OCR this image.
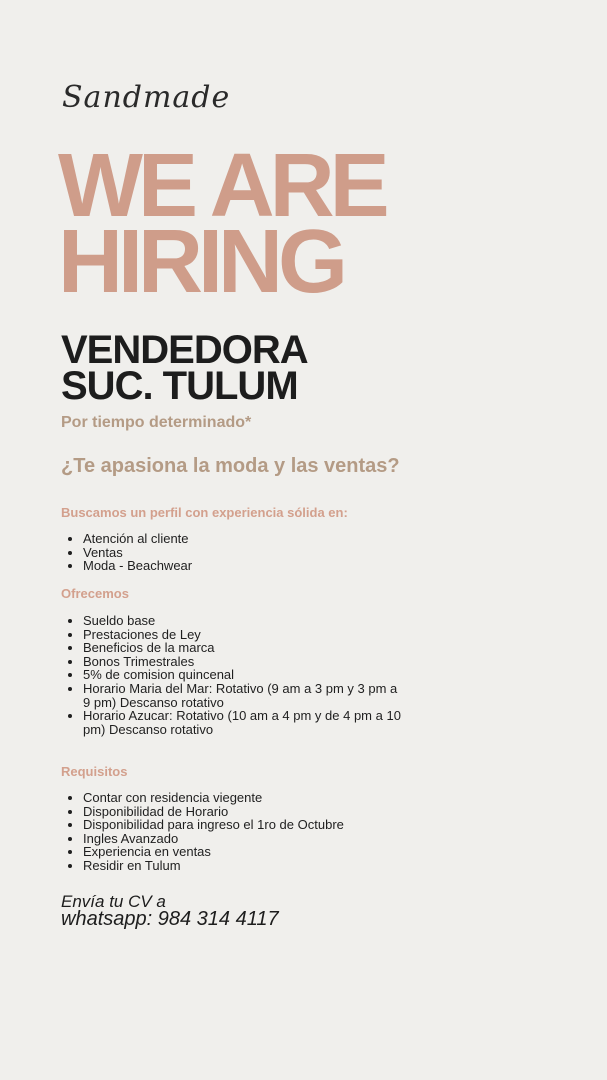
Sandmade
WE ARE
HIRING
VENDEDORA
SUC. TULUM
Por tiempo determinado*
¿Te apasiona la moda y las ventas?
Buscamos un perfil con experiencia sólida en:
• Atención al cliente
• Ventas
• Moda - Beachwear
Ofrecemos
• Sueldo base
• Prestaciones de Ley
• Beneficios de la marca
• Bonos Trimestrales
• 5% de comision quincenal
• Horario Maria del Mar: Rotativo (9 am a 3 pm y 3 pm a 9 pm) Descanso rotativo
• Horario Azucar: Rotativo (10 am a 4 pm y de 4 pm a 10 pm) Descanso rotativo
Requisitos
• Contar con residencia viegente
• Disponibilidad de Horario
• Disponibilidad para ingreso el 1ro de Octubre
• Ingles Avanzado
• Experiencia en ventas
• Residir en Tulum
Envía tu CV a
whatsapp: 984 314 4117
